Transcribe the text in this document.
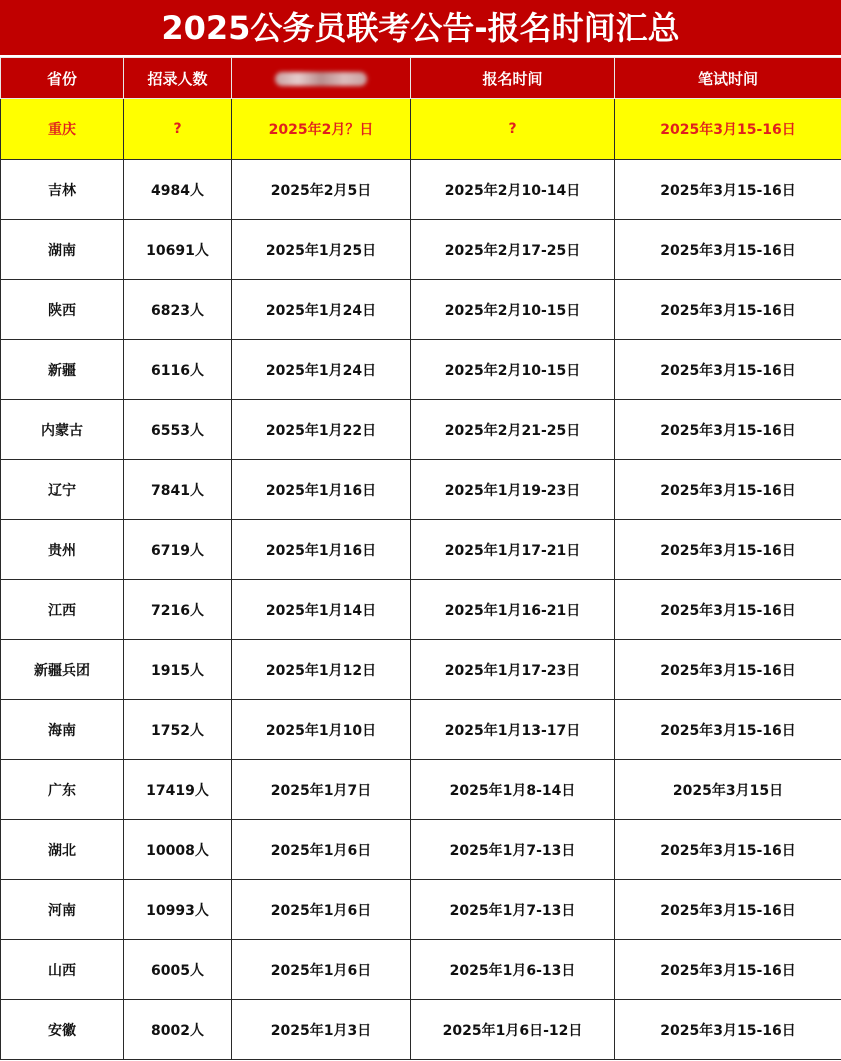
2025公务员联考公告-报名时间汇总
省份	招录人数		报名时间	笔试时间
重庆	?	2025年2月？日	?	2025年3月15-16日
吉林	4984人	2025年2月5日	2025年2月10-14日	2025年3月15-16日
湖南	10691人	2025年1月25日	2025年2月17-25日	2025年3月15-16日
陕西	6823人	2025年1月24日	2025年2月10-15日	2025年3月15-16日
新疆	6116人	2025年1月24日	2025年2月10-15日	2025年3月15-16日
内蒙古	6553人	2025年1月22日	2025年2月21-25日	2025年3月15-16日
辽宁	7841人	2025年1月16日	2025年1月19-23日	2025年3月15-16日
贵州	6719人	2025年1月16日	2025年1月17-21日	2025年3月15-16日
江西	7216人	2025年1月14日	2025年1月16-21日	2025年3月15-16日
新疆兵团	1915人	2025年1月12日	2025年1月17-23日	2025年3月15-16日
海南	1752人	2025年1月10日	2025年1月13-17日	2025年3月15-16日
广东	17419人	2025年1月7日	2025年1月8-14日	2025年3月15日
湖北	10008人	2025年1月6日	2025年1月7-13日	2025年3月15-16日
河南	10993人	2025年1月6日	2025年1月7-13日	2025年3月15-16日
山西	6005人	2025年1月6日	2025年1月6-13日	2025年3月15-16日
安徽	8002人	2025年1月3日	2025年1月6日-12日	2025年3月15-16日
